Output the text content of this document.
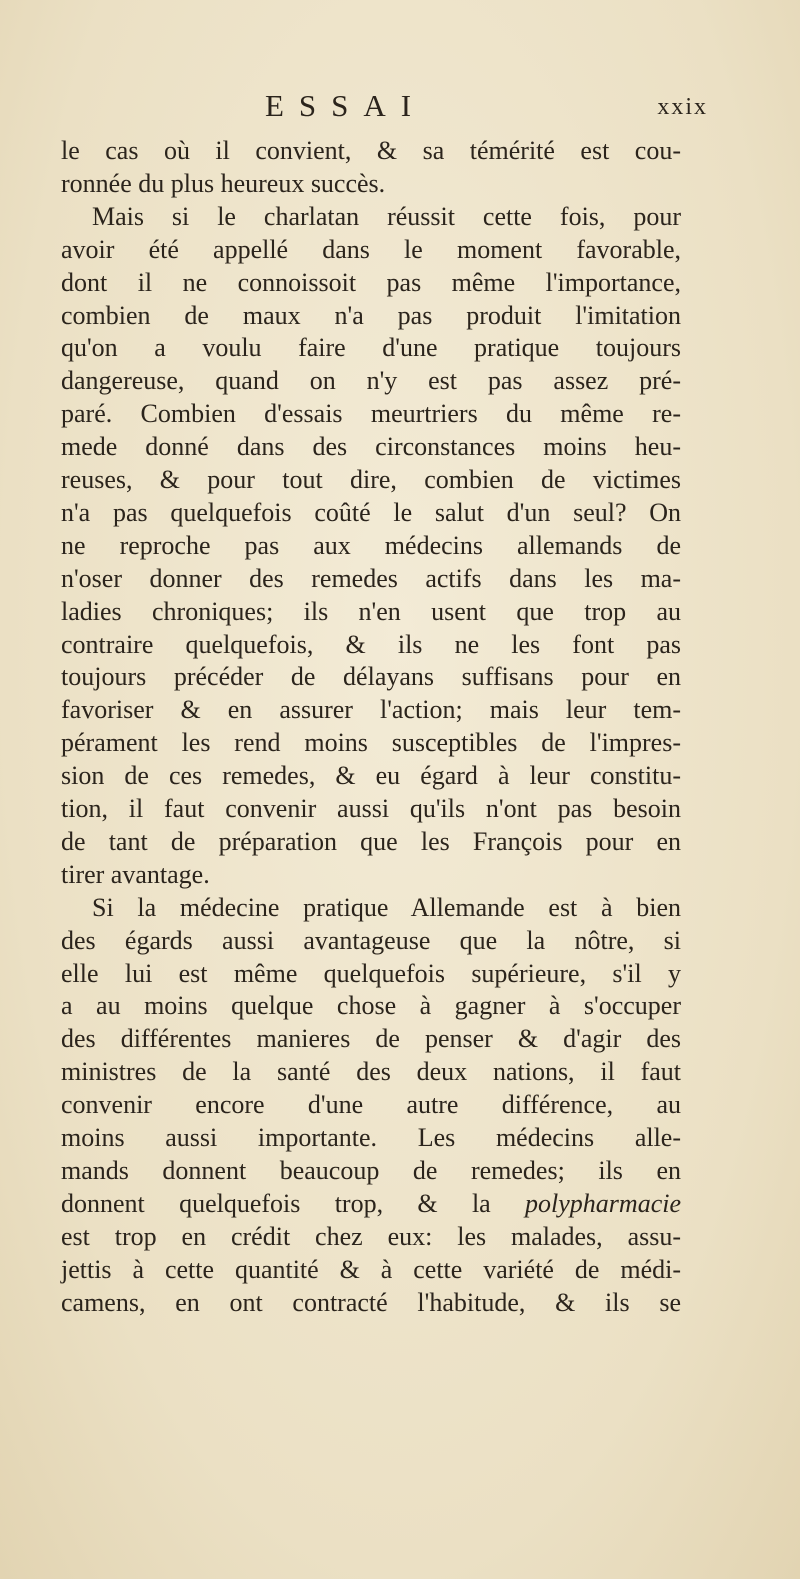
ESSAI	xxix
le cas où il convient, & sa témérité est cou-
ronnée du plus heureux succès.
Mais si le charlatan réussit cette fois, pour
avoir été appellé dans le moment favorable,
dont il ne connoissoit pas même l'importance,
combien de maux n'a pas produit l'imitation
qu'on a voulu faire d'une pratique toujours
dangereuse, quand on n'y est pas assez pré-
paré. Combien d'essais meurtriers du même re-
mede donné dans des circonstances moins heu-
reuses, & pour tout dire, combien de victimes
n'a pas quelquefois coûté le salut d'un seul? On
ne reproche pas aux médecins allemands de
n'oser donner des remedes actifs dans les ma-
ladies chroniques; ils n'en usent que trop au
contraire quelquefois, & ils ne les font pas
toujours précéder de délayans suffisans pour en
favoriser & en assurer l'action; mais leur tem-
pérament les rend moins susceptibles de l'impres-
sion de ces remedes, & eu égard à leur constitu-
tion, il faut convenir aussi qu'ils n'ont pas besoin
de tant de préparation que les François pour en
tirer avantage.
Si la médecine pratique Allemande est à bien
des égards aussi avantageuse que la nôtre, si
elle lui est même quelquefois supérieure, s'il y
a au moins quelque chose à gagner à s'occuper
des différentes manieres de penser & d'agir des
ministres de la santé des deux nations, il faut
convenir encore d'une autre différence, au
moins aussi importante. Les médecins alle-
mands donnent beaucoup de remedes; ils en
donnent quelquefois trop, & la polypharmacie
est trop en crédit chez eux: les malades, assu-
jettis à cette quantité & à cette variété de médi-
camens, en ont contracté l'habitude, & ils se
